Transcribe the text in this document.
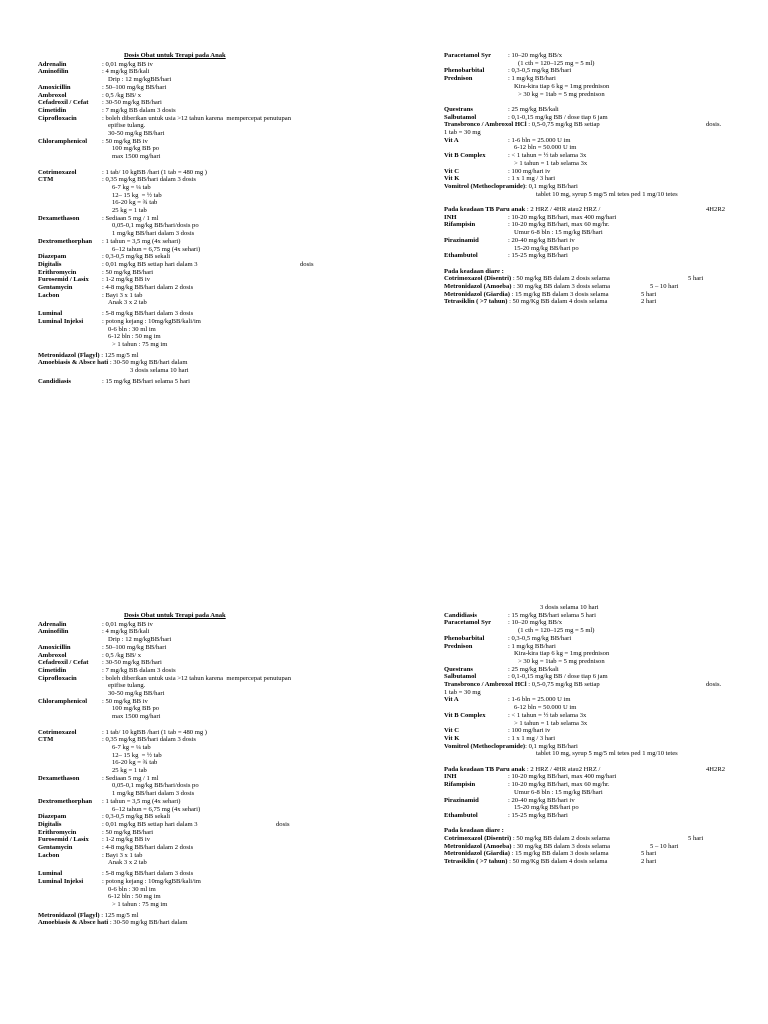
Dosis Obat untuk Terapi pada Anak
Adrenalin	: 0,01 mg/kg BB iv
Aminofilin	: 4 mg/kg BB/kali
Drip : 12 mg/kgBB/hari
Amoxicillin	: 50–100 mg/kg BB/hari
Ambroxol	: 0,5 /kg BB/ x
Cefadroxil / Cefat : 30-50 mg/kg BB/hari
Cimetidin	: 7 mg/kg BB dalam 3 dosis
Ciprofloxacin	: boleh diberikan untuk usia >12 tahun karena  mempercepat penutupan
epifise tulang.
30-50 mg/kg BB/hari
Chloramphenicol : 50 mg/kg BB iv
100 mg/kg BB po
max 1500 mg/hari
Cotrimoxazol	: 1 tab/ 10 kgBB /hari (1 tab = 480 mg )
CTM	: 0,35 mg/kg BB/hari dalam 3 dosis
6-7 kg = ¼ tab
12– 15 kg  = ½ tab
16-20 kg = ¾ tab
25 kg = 1 tab
Dexamethason	: Sediaan 5 mg / 1 ml
0,05-0,1 mg/kg BB/hari/dosis po
1 mg/kg BB/hari dalam 3 dosis
Dextromethorphan : 1 tahun = 3,5 mg (4x sehari)
6–12 tahun = 6,75 mg (4x sehari)
Diazepam	: 0,3-0,5 mg/kg BB sekali
Digitalis	: 0,01 mg/kg BB setiap hari dalam 3	dosis
Erithromycin	: 50 mg/kg BB/hari
Furosemid / Lasix : 1-2 mg/kg BB iv
Gentamycin	: 4-8 mg/kg BB/hari dalam 2 dosis
Lacbon	: Bayi 3 x 1 tab
Anak 3 x 2 tab
Luminal	: 5-8 mg/kg BB/hari dalam 3 dosis
Luminal Injeksi	: potong kejang : 10mg/kgBB/kali/im
0-6 bln : 30 ml im
6-12 bln : 50 mg im
> 1 tahun : 75 mg im
Metronidazol (Flagyl) : 125 mg/5 ml
Amoebiasis & Absce hati : 30-50 mg/kg BB/hari dalam
3 dosis selama 10 hari
Candidiasis	: 15 mg/kg BB/hari selama 5 hari
Paracetamol Syr	: 10–20 mg/kg BB/x
(1 cth = 120–125 mg = 5 ml)
Phenobarbital	: 0,3-0,5 mg/kg BB/hari
Prednison	: 1 mg/kg BB/hari
Kira-kira tiap 6 kg = 1mg prednison
> 30 kg = 1tab = 5 mg prednison
Questrans	: 25 mg/kg BB/kali
Salbutamol	: 0,1-0,15 mg/kg BB / dose tiap 6 jam
Transbronco / Ambroxol HCl : 0,5-0,75 mg/kg BB setiap	dosis.
1 tab = 30 mg
Vit A	: 1-6 bln = 25.000 U im
6-12 bln = 50.000 U im
Vit B Complex	: < 1 tahun = ½ tab selama 3x
> 1 tahun = 1 tab selama 3x
Vit C	: 100 mg/hari iv
Vit K	: 1 x 1 mg / 3 hari
Vomitrol (Methoclopramide): 0,1 mg/kg BB/hari
tablet 10 mg, syrup 5 mg/5 ml tetes ped 1 mg/10 tetes
Pada keadaan TB Paru anak : 2 HRZ / 4HR atau2 HRZ /	4H2R2
INH	: 10-20 mg/kg BB/hari, max 400 mg/hari
Rifampisin	: 10-20 mg/kg BB/hari, max 60 mg/hr.
Umur 6-8 bln : 15 mg/kg BB/hari
Pirazinamid	: 20-40 mg/kg BB/hari iv
15-20 mg/kg BB/hari po
Ethambutol	: 15-25 mg/kg BB/hari
Pada keadaan diare :
Cotrimoxazol (Disentri) : 50 mg/kg BB dalam 2 dosis selama	5 hari
Metronidazol (Amoeba) : 30 mg/kg BB dalam 3 dosis selama	5 – 10 hari
Metronidazol (Giardia) : 15 mg/kg BB dalam 3 dosis selama	5 hari
Tetrasiklin ( >7 tahun) : 50 mg/Kg BB dalam 4 dosis selama	2 hari
Dosis Obat untuk Terapi pada Anak
Adrenalin	: 0,01 mg/kg BB iv
Aminofilin	: 4 mg/kg BB/kali
Drip : 12 mg/kgBB/hari
Amoxicillin	: 50–100 mg/kg BB/hari
Ambroxol	: 0,5 /kg BB/ x
Cefadroxil / Cefat : 30-50 mg/kg BB/hari
Cimetidin	: 7 mg/kg BB dalam 3 dosis
Ciprofloxacin	: boleh diberikan untuk usia >12 tahun karena  mempercepat penutupan
epifise tulang.
30-50 mg/kg BB/hari
Chloramphenicol : 50 mg/kg BB iv
100 mg/kg BB po
max 1500 mg/hari
Cotrimoxazol	: 1 tab/ 10 kgBB /hari (1 tab = 480 mg )
CTM	: 0,35 mg/kg BB/hari dalam 3 dosis
6-7 kg = ¼ tab
12– 15 kg  = ½ tab
16-20 kg = ¾ tab
25 kg = 1 tab
Dexamethason	: Sediaan 5 mg / 1 ml
0,05-0,1 mg/kg BB/hari/dosis po
1 mg/kg BB/hari dalam 3 dosis
Dextromethorphan : 1 tahun = 3,5 mg (4x sehari)
6–12 tahun = 6,75 mg (4x sehari)
Diazepam	: 0,3-0,5 mg/kg BB sekali
Digitalis	: 0,01 mg/kg BB setiap hari dalam 3	dosis
Erithromycin	: 50 mg/kg BB/hari
Furosemid / Lasix : 1-2 mg/kg BB iv
Gentamycin	: 4-8 mg/kg BB/hari dalam 2 dosis
Lacbon	: Bayi 3 x 1 tab
Anak 3 x 2 tab
Luminal	: 5-8 mg/kg BB/hari dalam 3 dosis
Luminal Injeksi	: potong kejang : 10mg/kgBB/kali/im
0-6 bln : 30 ml im
6-12 bln : 50 mg im
> 1 tahun : 75 mg im
Metronidazol (Flagyl) : 125 mg/5 ml
Amoebiasis & Absce hati : 30-50 mg/kg BB/hari dalam
3 dosis selama 10 hari
Candidiasis	: 15 mg/kg BB/hari selama 5 hari
Paracetamol Syr	: 10–20 mg/kg BB/x
(1 cth = 120–125 mg = 5 ml)
Phenobarbital	: 0,3-0,5 mg/kg BB/hari
Prednison	: 1 mg/kg BB/hari
Kira-kira tiap 6 kg = 1mg prednison
> 30 kg = 1tab = 5 mg prednison
Questrans	: 25 mg/kg BB/kali
Salbutamol	: 0,1-0,15 mg/kg BB / dose tiap 6 jam
Transbronco / Ambroxol HCl : 0,5-0,75 mg/kg BB setiap	dosis.
1 tab = 30 mg
Vit A	: 1-6 bln = 25.000 U im
6-12 bln = 50.000 U im
Vit B Complex	: < 1 tahun = ½ tab selama 3x
> 1 tahun = 1 tab selama 3x
Vit C	: 100 mg/hari iv
Vit K	: 1 x 1 mg / 3 hari
Vomitrol (Methoclopramide): 0,1 mg/kg BB/hari
tablet 10 mg, syrup 5 mg/5 ml tetes ped 1 mg/10 tetes
Pada keadaan TB Paru anak : 2 HRZ / 4HR atau2 HRZ /	4H2R2
INH	: 10-20 mg/kg BB/hari, max 400 mg/hari
Rifampisin	: 10-20 mg/kg BB/hari, max 60 mg/hr.
Umur 6-8 bln : 15 mg/kg BB/hari
Pirazinamid	: 20-40 mg/kg BB/hari iv
15-20 mg/kg BB/hari po
Ethambutol	: 15-25 mg/kg BB/hari
Pada keadaan diare :
Cotrimoxazol (Disentri) : 50 mg/kg BB dalam 2 dosis selama	5 hari
Metronidazol (Amoeba) : 30 mg/kg BB dalam 3 dosis selama	5 – 10 hari
Metronidazol (Giardia) : 15 mg/kg BB dalam 3 dosis selama	5 hari
Tetrasiklin ( >7 tahun) : 50 mg/Kg BB dalam 4 dosis selama	2 hari
